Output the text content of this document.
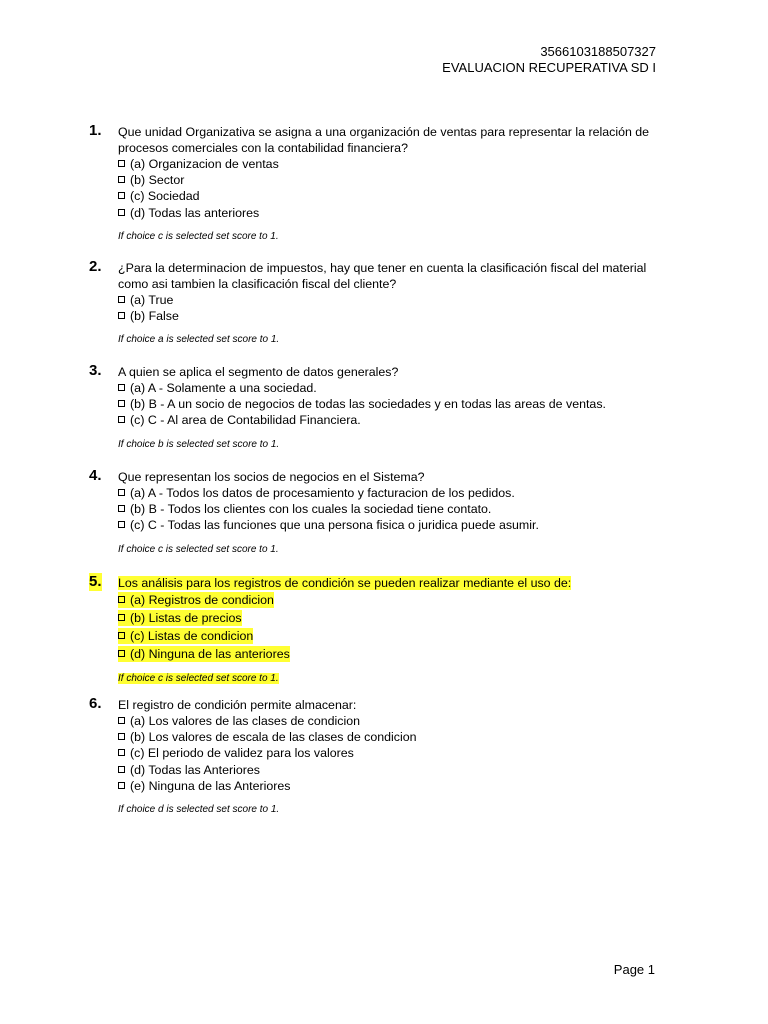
3566103188507327
EVALUACION RECUPERATIVA SD I
1. Que unidad Organizativa se asigna a una organización de ventas para representar la relación de procesos comerciales con la contabilidad financiera?

(a) Organizacion de ventas
(b) Sector
(c) Sociedad
(d) Todas las anteriores
If choice c is selected set score to 1.
2. ¿Para la determinacion de impuestos, hay que tener en cuenta la clasificación fiscal del material como asi tambien la clasificación fiscal del cliente?

(a) True
(b) False
If choice a is selected set score to 1.
3. A quien se aplica el segmento de datos generales?

(a) A - Solamente a una sociedad.
(b) B - A un socio de negocios de todas las sociedades y en todas las areas de ventas.
(c) C - Al area de Contabilidad Financiera.
If choice b is selected set score to 1.
4. Que representan los socios de negocios en el Sistema?

(a) A - Todos los datos de procesamiento y facturacion de los pedidos.
(b) B - Todos los clientes con los cuales la sociedad tiene contato.
(c) C - Todas las funciones que una persona fisica o juridica puede asumir.
If choice c is selected set score to 1.
5. Los análisis para los registros de condición se pueden realizar mediante el uso de:

(a) Registros de condicion
(b) Listas de precios
(c) Listas de condicion
(d) Ninguna de las anteriores
If choice c is selected set score to 1.
6. El registro de condición permite almacenar:

(a) Los valores de las clases de condicion
(b) Los valores de escala de las clases de condicion
(c) El periodo de validez para los valores
(d) Todas las Anteriores
(e) Ninguna de las Anteriores
If choice d is selected set score to 1.
Page 1
